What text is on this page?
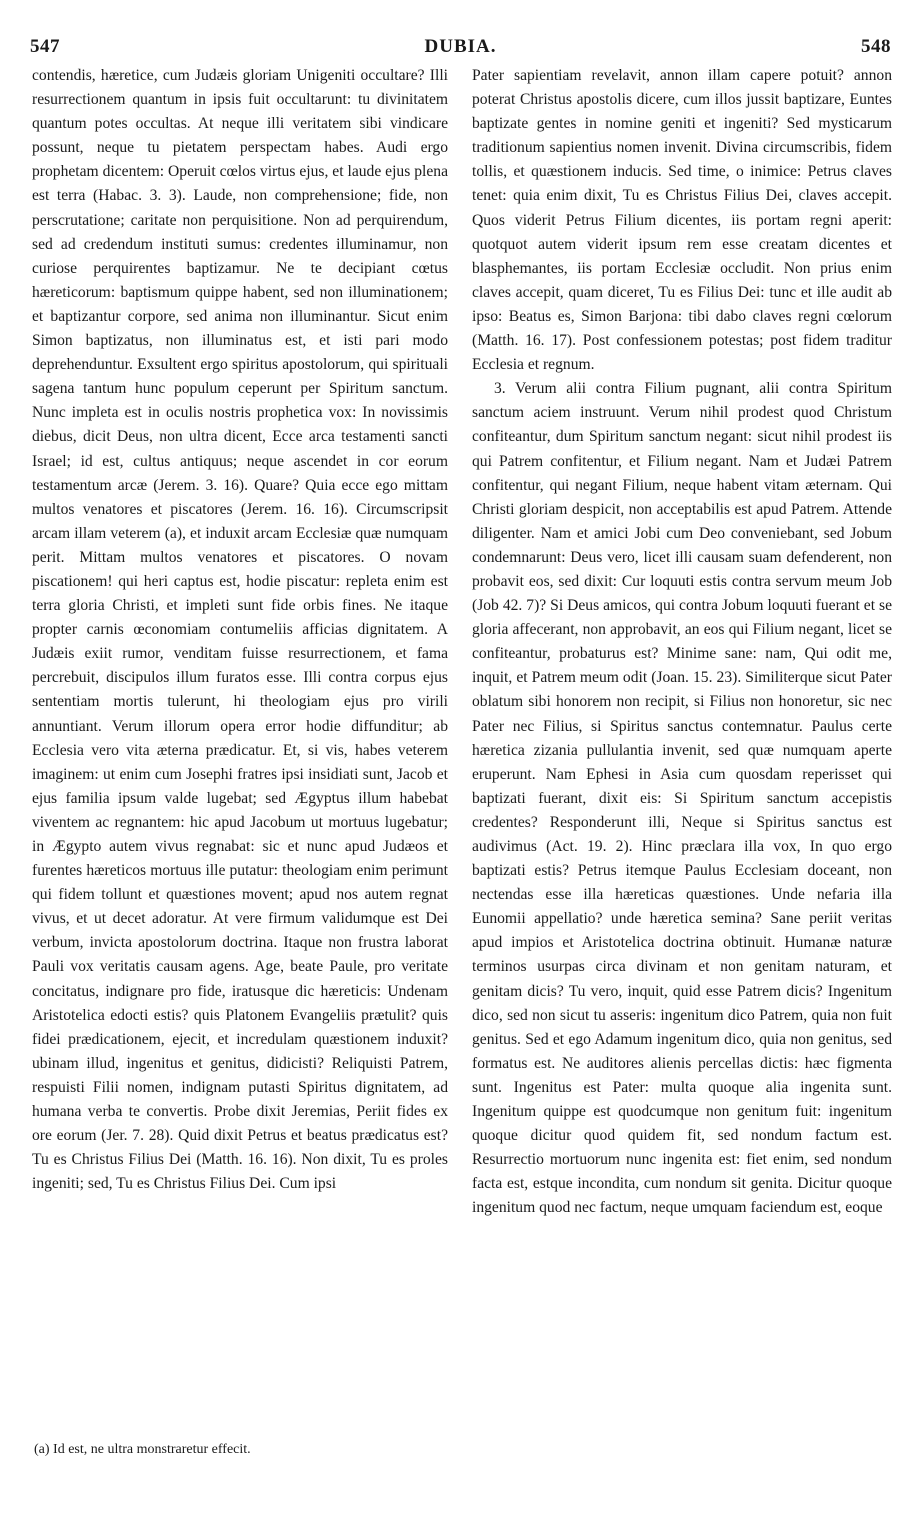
547	DUBIA.	548

contendis, hæretice, cum Judæis gloriam Unigeniti occultare? Illi resurrectionem quantum in ipsis fuit occultarunt: tu divinitatem quantum potes occultas. At neque illi veritatem sibi vindicare possunt, neque tu pietatem perspectam habes. Audi ergo prophetam dicentem: Operuit cœlos virtus ejus, et laude ejus plena est terra (Habac. 3. 3). Laude, non comprehensione; fide, non perscrutatione; caritate non perquisitione. Non ad perquirendum, sed ad credendum instituti sumus: credentes illuminamur, non curiose perquirentes baptizamur. Ne te decipiant cœtus hæreticorum: baptismum quippe habent, sed non illuminationem; et baptizantur corpore, sed anima non illuminantur. Sicut enim Simon baptizatus, non illuminatus est, et isti pari modo deprehenduntur. Exsultent ergo spiritus apostolorum, qui spirituali sagena tantum hunc populum ceperunt per Spiritum sanctum. Nunc impleta est in oculis nostris prophetica vox: In novissimis diebus, dicit Deus, non ultra dicent, Ecce arca testamenti sancti Israel; id est, cultus antiquus; neque ascendet in cor eorum testamentum arcæ (Jerem. 3. 16). Quare? Quia ecce ego mittam multos venatores et piscatores (Jerem. 16. 16). Circumscripsit arcam illam veterem (a), et induxit arcam Ecclesiæ quæ numquam perit. Mittam multos venatores et piscatores. O novam piscationem! qui heri captus est, hodie piscatur: repleta enim est terra gloria Christi, et impleti sunt fide orbis fines. Ne itaque propter carnis œconomiam contumeliis afficias dignitatem. A Judæis exiit rumor, venditam fuisse resurrectionem, et fama percrebuit, discipulos illum furatos esse. Illi contra corpus ejus sententiam mortis tulerunt, hi theologiam ejus pro virili annuntiant. Verum illorum opera error hodie diffunditur; ab Ecclesia vero vita æterna prædicatur. Et, si vis, habes veterem imaginem: ut enim cum Josephi fratres ipsi insidiati sunt, Jacob et ejus familia ipsum valde lugebat; sed Ægyptus illum habebat viventem ac regnantem: hic apud Jacobum ut mortuus lugebatur; in Ægypto autem vivus regnabat: sic et nunc apud Judæos et furentes hæreticos mortuus ille putatur: theologiam enim perimunt qui fidem tollunt et quæstiones movent; apud nos autem regnat vivus, et ut decet adoratur. At vere firmum validumque est Dei verbum, invicta apostolorum doctrina. Itaque non frustra laborat Pauli vox veritatis causam agens. Age, beate Paule, pro veritate concitatus, indignare pro fide, iratusque dic hæreticis: Undenam Aristotelica edocti estis? quis Platonem Evangeliis prætulit? quis fidei prædicationem, ejecit, et incredulam quæstionem induxit? ubinam illud, ingenitus et genitus, didicisti? Reliquisti Patrem, respuisti Filii nomen, indignam putasti Spiritus dignitatem, ad humana verba te convertis. Probe dixit Jeremias, Periit fides ex ore eorum (Jer. 7. 28). Quid dixit Petrus et beatus prædicatus est? Tu es Christus Filius Dei (Matth. 16. 16). Non dixit, Tu es proles ingeniti; sed, Tu es Christus Filius Dei. Cum ipsi

(a) Id est, ne ultra monstraretur effecit.

Pater sapientiam revelavit, annon illam capere potuit? annon poterat Christus apostolis dicere, cum illos jussit baptizare, Euntes baptizate gentes in nomine geniti et ingeniti? Sed mysticarum traditionum sapientius nomen invenit. Divina circumscribis, fidem tollis, et quæstionem inducis. Sed time, o inimice: Petrus claves tenet: quia enim dixit, Tu es Christus Filius Dei, claves accepit. Quos viderit Petrus Filium dicentes, iis portam regni aperit: quotquot autem viderit ipsum rem esse creatam dicentes et blasphemantes, iis portam Ecclesiæ occludit. Non prius enim claves accepit, quam diceret, Tu es Filius Dei: tunc et ille audit ab ipso: Beatus es, Simon Barjona: tibi dabo claves regni cœlorum (Matth. 16. 17). Post confessionem potestas; post fidem traditur Ecclesia et regnum.

3. Verum alii contra Filium pugnant, alii contra Spiritum sanctum aciem instruunt. Verum nihil prodest quod Christum confiteantur, dum Spiritum sanctum negant: sicut nihil prodest iis qui Patrem confitentur, et Filium negant. Nam et Judæi Patrem confitentur, qui negant Filium, neque habent vitam æternam. Qui Christi gloriam despicit, non acceptabilis est apud Patrem. Attende diligenter. Nam et amici Jobi cum Deo conveniebant, sed Jobum condemnarunt: Deus vero, licet illi causam suam defenderent, non probavit eos, sed dixit: Cur loquuti estis contra servum meum Job (Job 42. 7)? Si Deus amicos, qui contra Jobum loquuti fuerant et se gloria affecerant, non approbavit, an eos qui Filium negant, licet se confiteantur, probaturus est? Minime sane: nam, Qui odit me, inquit, et Patrem meum odit (Joan. 15. 23). Similiterque sicut Pater oblatum sibi honorem non recipit, si Filius non honoretur, sic nec Pater nec Filius, si Spiritus sanctus contemnatur. Paulus certe hæretica zizania pullulantia invenit, sed quæ numquam aperte eruperunt. Nam Ephesi in Asia cum quosdam reperisset qui baptizati fuerant, dixit eis: Si Spiritum sanctum accepistis credentes? Responderunt illi, Neque si Spiritus sanctus est audivimus (Act. 19. 2). Hinc præclara illa vox, In quo ergo baptizati estis? Petrus itemque Paulus Ecclesiam doceant, non nectendas esse illa hæreticas quæstiones. Unde nefaria illa Eunomii appellatio? unde hæretica semina? Sane periit veritas apud impios et Aristotelica doctrina obtinuit. Humanæ naturæ terminos usurpas circa divinam et non genitam naturam, et genitam dicis? Tu vero, inquit, quid esse Patrem dicis? Ingenitum dico, sed non sicut tu asseris: ingenitum dico Patrem, quia non fuit genitus. Sed et ego Adamum ingenitum dico, quia non genitus, sed formatus est. Ne auditores alienis percellas dictis: hæc figmenta sunt. Ingenitus est Pater: multa quoque alia ingenita sunt. Ingenitum quippe est quodcumque non genitum fuit: ingenitum quoque dicitur quod quidem fit, sed nondum factum est. Resurrectio mortuorum nunc ingenita est: fiet enim, sed nondum facta est, estque incondita, cum nondum sit genita. Dicitur quoque ingenitum quod nec factum, neque umquam faciendum est, eoque
